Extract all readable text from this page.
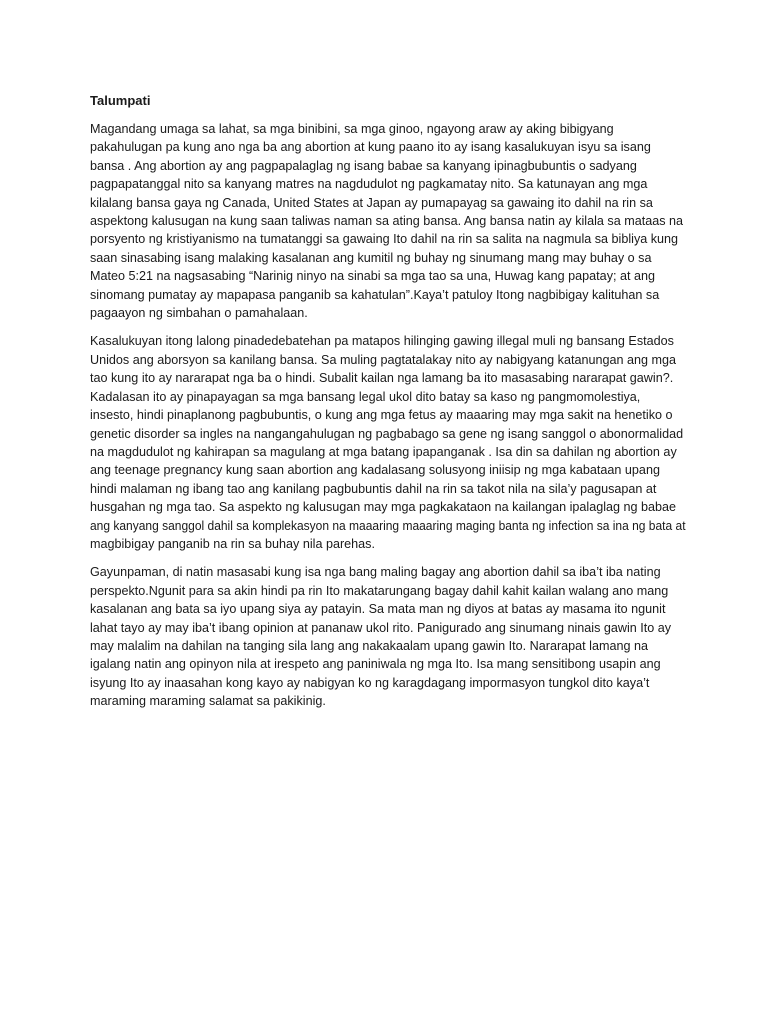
Talumpati
Magandang umaga sa lahat, sa mga binibini, sa mga ginoo, ngayong araw ay aking bibigyang
pakahulugan pa kung ano nga ba ang abortion at kung paano ito ay isang kasalukuyan isyu sa isang
bansa . Ang abortion ay ang pagpapalaglag ng isang babae sa kanyang ipinagbubuntis o sadyang
pagpapatanggal nito sa kanyang matres na nagdudulot ng pagkamatay nito. Sa katunayan ang mga
kilalang bansa gaya ng Canada, United States at Japan ay pumapayag sa gawaing ito dahil na rin sa
aspektong kalusugan na kung saan taliwas naman sa ating bansa. Ang bansa natin ay kilala sa mataas na
porsyento ng kristiyanismo na tumatanggi sa gawaing Ito dahil na rin sa salita na nagmula sa bibliya kung
saan sinasabing isang malaking kasalanan ang kumitil ng buhay ng sinumang mang may buhay o sa
Mateo 5:21 na nagsasabing “Narinig ninyo na sinabi sa mga tao sa una, Huwag kang papatay; at ang
sinomang pumatay ay mapapasa panganib sa kahatulan”.Kaya’t patuloy Itong nagbibigay kalituhan sa
pagaayon ng simbahan o pamahalaan.
Kasalukuyan itong lalong pinadedebatehan pa matapos hilinging gawing illegal muli ng bansang Estados
Unidos ang aborsyon sa kanilang bansa. Sa muling pagtatalakay nito ay nabigyang katanungan ang mga
tao kung ito ay nararapat nga ba o hindi. Subalit kailan nga lamang ba ito masasabing nararapat gawin?.
Kadalasan ito ay pinapayagan sa mga bansang legal ukol dito batay sa kaso ng pangmomolestiya,
insesto, hindi pinaplanong pagbubuntis, o kung ang mga fetus ay maaaring may mga sakit na henetiko o
genetic disorder sa ingles na nangangahulugan ng pagbabago sa gene ng isang sanggol o abonormalidad
na magdudulot ng kahirapan sa magulang at mga batang ipapanganak . Isa din sa dahilan ng abortion ay
ang teenage pregnancy kung saan abortion ang kadalasang solusyong iniisip ng mga kabataan upang
hindi malaman ng ibang tao ang kanilang pagbubuntis dahil na rin sa takot nila na sila’y pagusapan at
husgahan ng mga tao. Sa aspekto ng kalusugan may mga pagkakataon na kailangan ipalaglag ng babae
ang kanyang sanggol dahil sa komplekasyon na maaaring maaaring maging banta ng infection sa ina ng bata at
magbibigay panganib na rin sa buhay nila parehas.
Gayunpaman, di natin masasabi kung isa nga bang maling bagay ang abortion dahil sa iba’t iba nating
perspekto.Ngunit para sa akin hindi pa rin Ito makatarungang bagay dahil kahit kailan walang ano mang
kasalanan ang bata sa iyo upang siya ay patayin. Sa mata man ng diyos at batas ay masama ito ngunit
lahat tayo ay may iba’t ibang opinion at pananaw ukol rito. Panigurado ang sinumang ninais gawin Ito ay
may malalim na dahilan na tanging sila lang ang nakakaalam upang gawin Ito. Nararapat lamang na
igalang natin ang opinyon nila at irespeto ang paniniwala ng mga Ito. Isa mang sensitibong usapin ang
isyung Ito ay inaasahan kong kayo ay nabigyan ko ng karagdagang impormasyon tungkol dito kaya’t
maraming maraming salamat sa pakikinig.
